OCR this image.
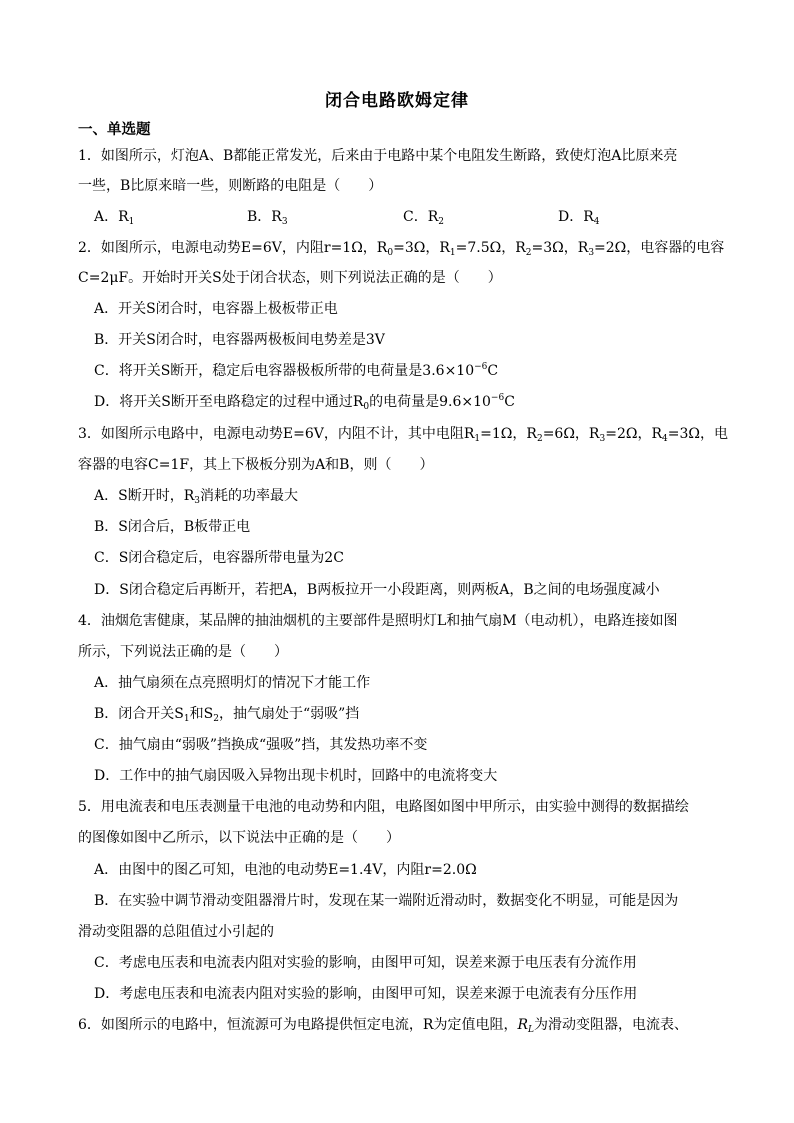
闭合电路欧姆定律
一、单选题
1．如图所示，灯泡A、B都能正常发光，后来由于电路中某个电阻发生断路，致使灯泡A比原来亮
一些，B比原来暗一些，则断路的电阻是（　　）
A．$R_1$	B．$R_3$	C．$R_2$	D．$R_4$
2．如图所示，电源电动势E=6V，内阻r=1Ω，$R_0=3\Omega$，$R_1=7.5\Omega$，$R_2=3\Omega$，$R_3=2\Omega$，电容器的电容
C=2μF。开始时开关S处于闭合状态，则下列说法正确的是（　　）
A．开关S闭合时，电容器上极板带正电
B．开关S闭合时，电容器两极板间电势差是3V
C．将开关S断开，稳定后电容器极板所带的电荷量是$3.6\times 10^{-6}C$
D．将开关S断开至电路稳定的过程中通过$R_0$的电荷量是$9.6\times 10^{-6}C$
3．如图所示电路中，电源电动势E=6V，内阻不计，其中电阻$R_1=1\Omega$，$R_2=6\Omega$，$R_3=2\Omega$，$R_4=3\Omega$，电
容器的电容C=1F，其上下极板分别为A和B，则（　　）
A．S断开时，$R_3$消耗的功率最大
B．S闭合后，B板带正电
C．S闭合稳定后，电容器所带电量为2C
D．S闭合稳定后再断开，若把A，B两板拉开一小段距离，则两板A，B之间的电场强度减小
4．油烟危害健康，某品牌的抽油烟机的主要部件是照明灯L和抽气扇M（电动机），电路连接如图
所示，下列说法正确的是（　　）
A．抽气扇须在点亮照明灯的情况下才能工作
B．闭合开关$S_1$和$S_2$，抽气扇处于“弱吸”挡
C．抽气扇由“弱吸”挡换成“强吸”挡，其发热功率不变
D．工作中的抽气扇因吸入异物出现卡机时，回路中的电流将变大
5．用电流表和电压表测量干电池的电动势和内阻，电路图如图中甲所示，由实验中测得的数据描绘
的图像如图中乙所示，以下说法中正确的是（　　）
A．由图中的图乙可知，电池的电动势E=1.4V，内阻r=2.0Ω
B．在实验中调节滑动变阻器滑片时，发现在某一端附近滑动时，数据变化不明显，可能是因为
滑动变阻器的总阻值过小引起的
C．考虑电压表和电流表内阻对实验的影响，由图甲可知，误差来源于电压表有分流作用
D．考虑电压表和电流表内阻对实验的影响，由图甲可知，误差来源于电流表有分压作用
6．如图所示的电路中，恒流源可为电路提供恒定电流，R为定值电阻，$R_L$为滑动变阻器，电流表、
